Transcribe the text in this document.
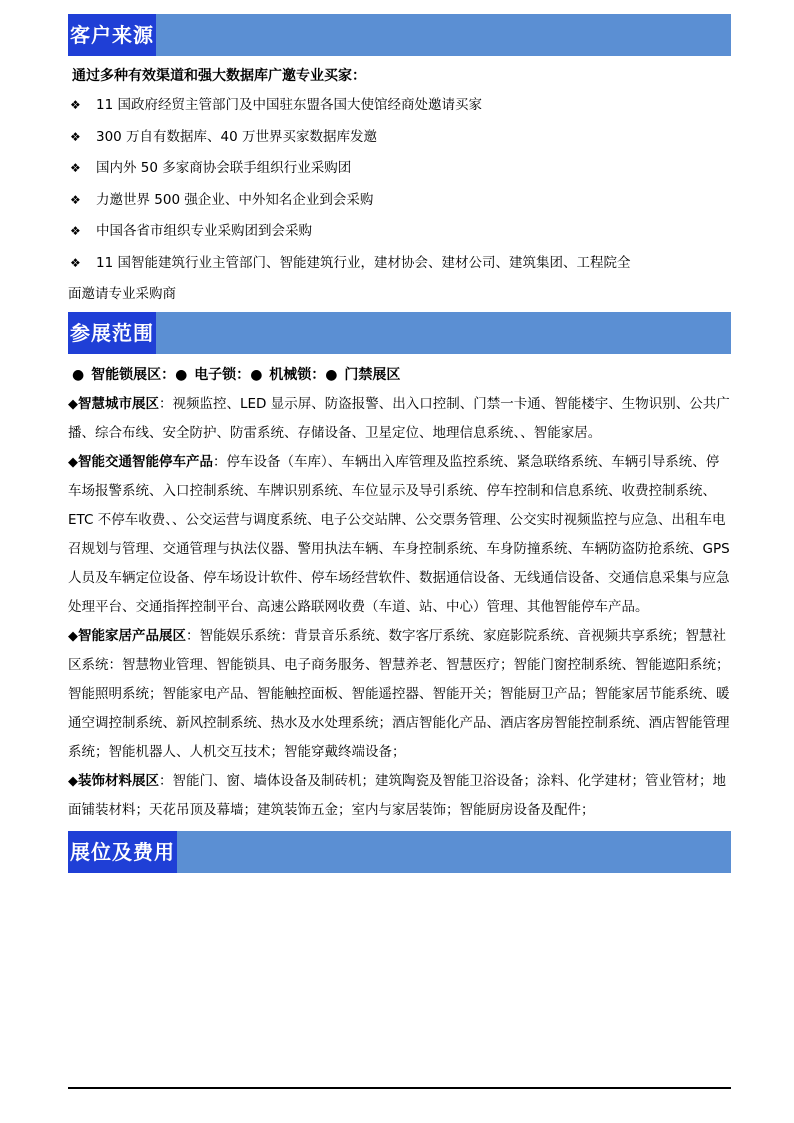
客户来源
通过多种有效渠道和强大数据库广邀专业买家：
❖ 11 国政府经贸主管部门及中国驻东盟各国大使馆经商处邀请买家
❖ 300 万自有数据库、40 万世界买家数据库发邀
❖ 国内外 50 多家商协会联手组织行业采购团
❖ 力邀世界 500 强企业、中外知名企业到会采购
❖ 中国各省市组织专业采购团到会采购
❖ 11 国智能建筑行业主管部门、智能建筑行业，建材协会、建材公司、建筑集团、工程院全
面邀请专业采购商
参展范围
● 智能锁展区：● 电子锁：● 机械锁：● 门禁展区

◆智慧城市展区：视频监控、LED 显示屏、防盗报警、出入口控制、门禁一卡通、智能楼宇、生物识别、公共广播、综合布线、安全防护、防雷系统、存储设备、卫星定位、地理信息系统、、智能家居。

◆智能交通智能停车产品：停车设备（车库）、车辆出入库管理及监控系统、紧急联络系统、车辆引导系统、停车场报警系统、入口控制系统、车牌识别系统、车位显示及导引系统、停车控制和信息系统、收费控制系统、ETC 不停车收费、、公交运营与调度系统、电子公交站牌、公交票务管理、公交实时视频监控与应急、出租车电召规划与管理、交通管理与执法仪器、警用执法车辆、车身控制系统、车身防撞系统、车辆防盗防抢系统、GPS 人员及车辆定位设备、停车场设计软件、停车场经营软件、数据通信设备、无线通信设备、交通信息采集与应急处理平台、交通指挥控制平台、高速公路联网收费（车道、站、中心）管理、其他智能停车产品。

◆智能家居产品展区：智能娱乐系统：背景音乐系统、数字客厅系统、家庭影院系统、音视频共享系统；智慧社区系统：智慧物业管理、智能锁具、电子商务服务、智慧养老、智慧医疗；智能门窗控制系统、智能遮阳系统；智能照明系统；智能家电产品、智能触控面板、智能遥控器、智能开关；智能厨卫产品；智能家居节能系统、暖通空调控制系统、新风控制系统、热水及水处理系统；酒店智能化产品、酒店客房智能控制系统、酒店智能管理系统；智能机器人、人机交互技术；智能穿戴终端设备；

◆装饰材料展区：智能门、窗、墙体设备及制砖机；建筑陶瓷及智能卫浴设备；涂料、化学建材；管业管材；地面铺装材料；天花吊顶及幕墙；建筑装饰五金；室内与家居装饰；智能厨房设备及配件；

展位及费用
